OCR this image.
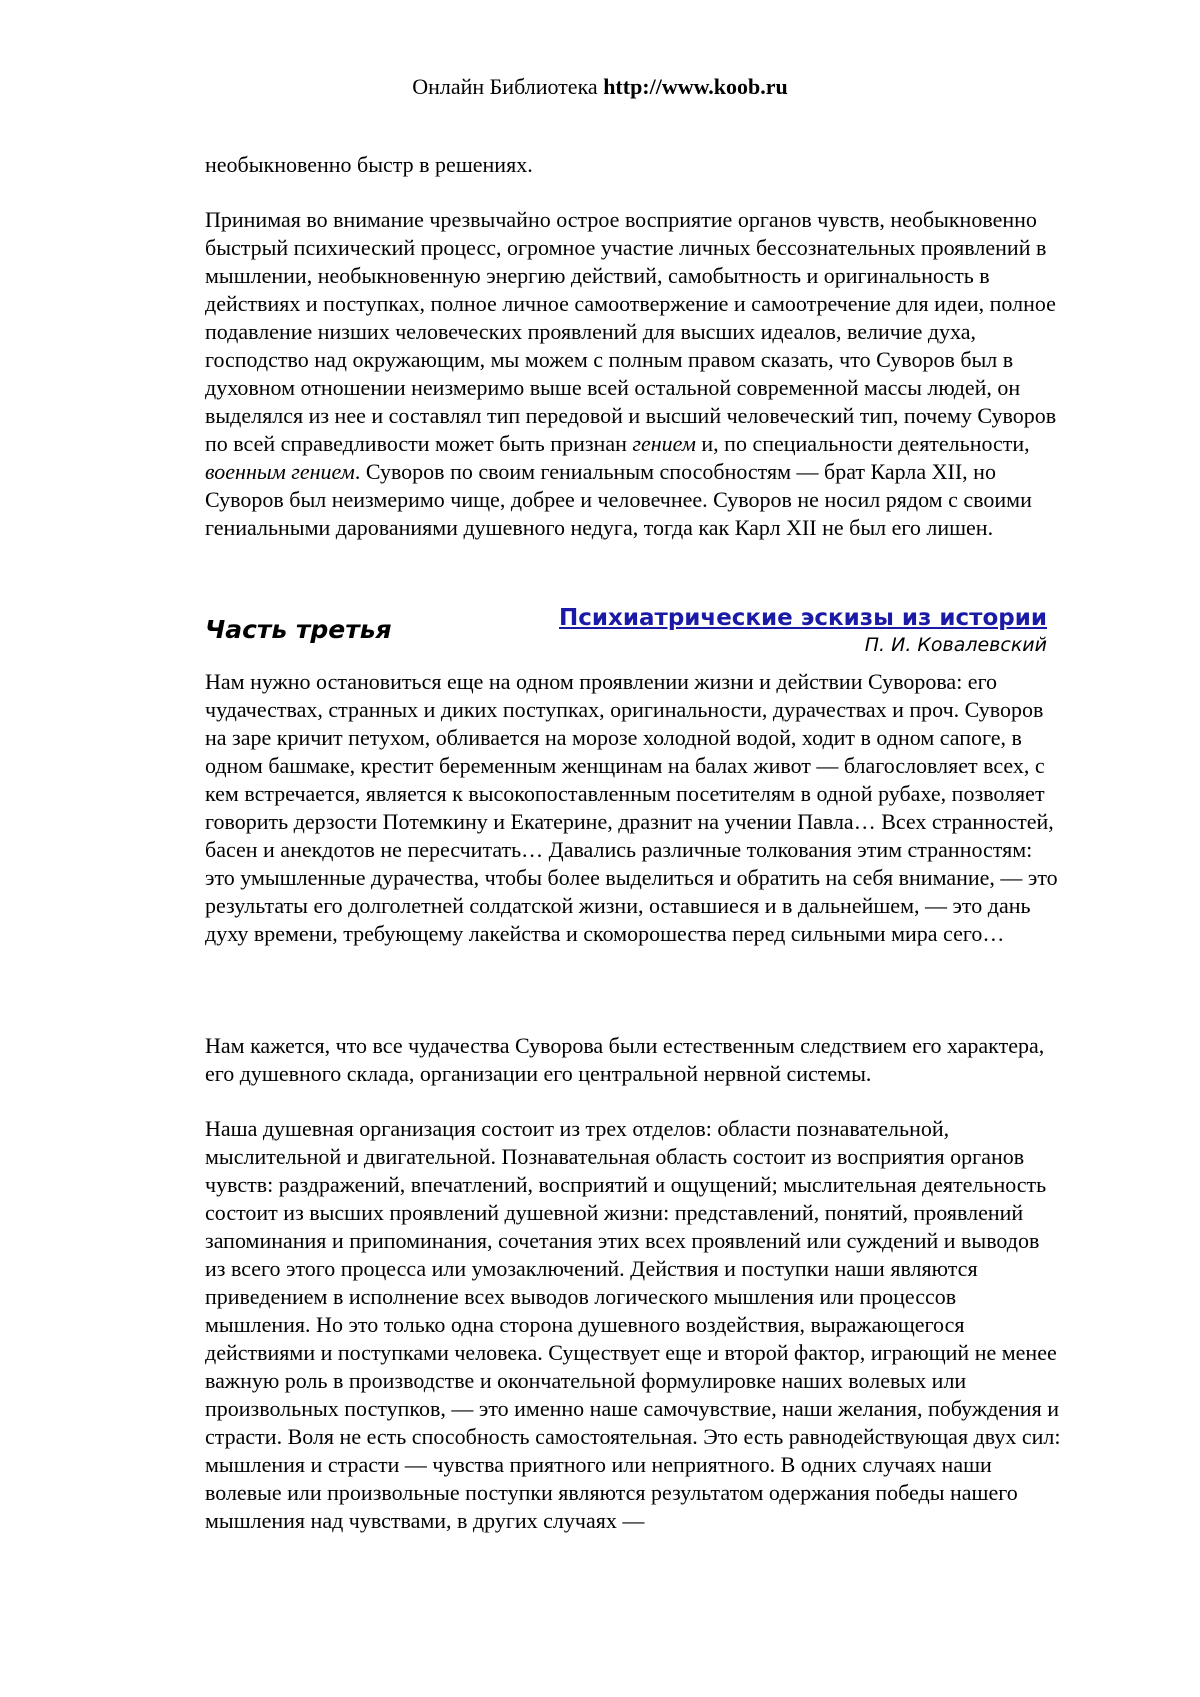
Онлайн Библиотека http://www.koob.ru

необыкновенно быстр в решениях.

Принимая во внимание чрезвычайно острое восприятие органов чувств, необыкновенно быстрый психический процесс, огромное участие личных бессознательных проявлений в мышлении, необыкновенную энергию действий, самобытность и оригинальность в действиях и поступках, полное личное самоотвержение и самоотречение для идеи, полное подавление низших человеческих проявлений для высших идеалов, величие духа, господство над окружающим, мы можем с полным правом сказать, что Суворов был в духовном отношении неизмеримо выше всей остальной современной массы людей, он выделялся из нее и составлял тип передовой и высший человеческий тип, почему Суворов по всей справедливости может быть признан гением и, по специальности деятельности, военным гением. Суворов по своим гениальным способностям — брат Карла XII, но Суворов был неизмеримо чище, добрее и человечнее. Суворов не носил рядом с своими гениальными дарованиями душевного недуга, тогда как Карл XII не был его лишен.

Часть третья	Психиатрические эскизы из истории
П. И. Ковалевский

Нам нужно остановиться еще на одном проявлении жизни и действии Суворова: его чудачествах, странных и диких поступках, оригинальности, дурачествах и проч. Суворов на заре кричит петухом, обливается на морозе холодной водой, ходит в одном сапоге, в одном башмаке, крестит беременным женщинам на балах живот — благословляет всех, с кем встречается, является к высокопоставленным посетителям в одной рубахе, позволяет говорить дерзости Потемкину и Екатерине, дразнит на учении Павла… Всех странностей, басен и анекдотов не пересчитать… Давались различные толкования этим странностям: это умышленные дурачества, чтобы более выделиться и обратить на себя внимание, — это результаты его долголетней солдатской жизни, оставшиеся и в дальнейшем, — это дань духу времени, требующему лакейства и скоморошества перед сильными мира сего…

Нам кажется, что все чудачества Суворова были естественным следствием его характера, его душевного склада, организации его центральной нервной системы.

Наша душевная организация состоит из трех отделов: области познавательной, мыслительной и двигательной. Познавательная область состоит из восприятия органов чувств: раздражений, впечатлений, восприятий и ощущений; мыслительная деятельность состоит из высших проявлений душевной жизни: представлений, понятий, проявлений запоминания и припоминания, сочетания этих всех проявлений или суждений и выводов из всего этого процесса или умозаключений. Действия и поступки наши являются приведением в исполнение всех выводов логического мышления или процессов мышления. Но это только одна сторона душевного воздействия, выражающегося действиями и поступками человека. Существует еще и второй фактор, играющий не менее важную роль в производстве и окончательной формулировке наших волевых или произвольных поступков, — это именно наше самочувствие, наши желания, побуждения и страсти. Воля не есть способность самостоятельная. Это есть равнодействующая двух сил: мышления и страсти — чувства приятного или неприятного. В одних случаях наши волевые или произвольные поступки являются результатом одержания победы нашего мышления над чувствами, в других случаях —
